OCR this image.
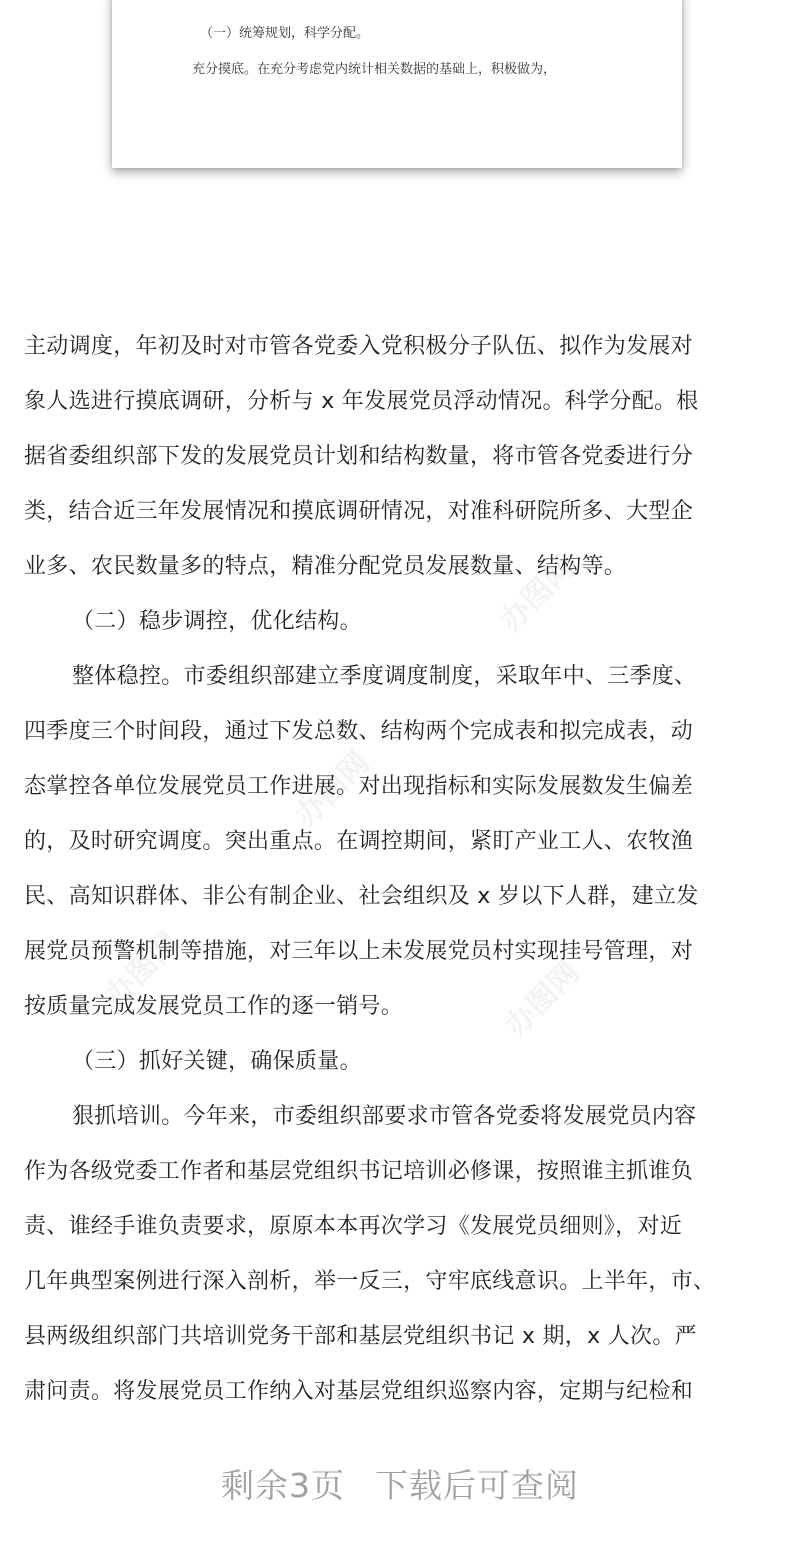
（一）统筹规划，科学分配。
充分摸底。在充分考虑党内统计相关数据的基础上，积极做为，
办图网
办图网
办图网	办图网
主动调度，年初及时对市管各党委入党积极分子队伍、拟作为发展对
象人选进行摸底调研，分析与 x 年发展党员浮动情况。科学分配。根
据省委组织部下发的发展党员计划和结构数量，将市管各党委进行分
类，结合近三年发展情况和摸底调研情况，对准科研院所多、大型企
业多、农民数量多的特点，精准分配党员发展数量、结构等。
（二）稳步调控，优化结构。
整体稳控。市委组织部建立季度调度制度，采取年中、三季度、
四季度三个时间段，通过下发总数、结构两个完成表和拟完成表，动
态掌控各单位发展党员工作进展。对出现指标和实际发展数发生偏差
的，及时研究调度。突出重点。在调控期间，紧盯产业工人、农牧渔
民、高知识群体、非公有制企业、社会组织及 x 岁以下人群，建立发
展党员预警机制等措施，对三年以上未发展党员村实现挂号管理，对
按质量完成发展党员工作的逐一销号。
（三）抓好关键，确保质量。
狠抓培训。今年来，市委组织部要求市管各党委将发展党员内容
作为各级党委工作者和基层党组织书记培训必修课，按照谁主抓谁负
责、谁经手谁负责要求，原原本本再次学习《发展党员细则》，对近
几年典型案例进行深入剖析，举一反三，守牢底线意识。上半年，市、
县两级组织部门共培训党务干部和基层党组织书记 x 期，x 人次。严
肃问责。将发展党员工作纳入对基层党组织巡察内容，定期与纪检和
剩余3页 下载后可查阅
